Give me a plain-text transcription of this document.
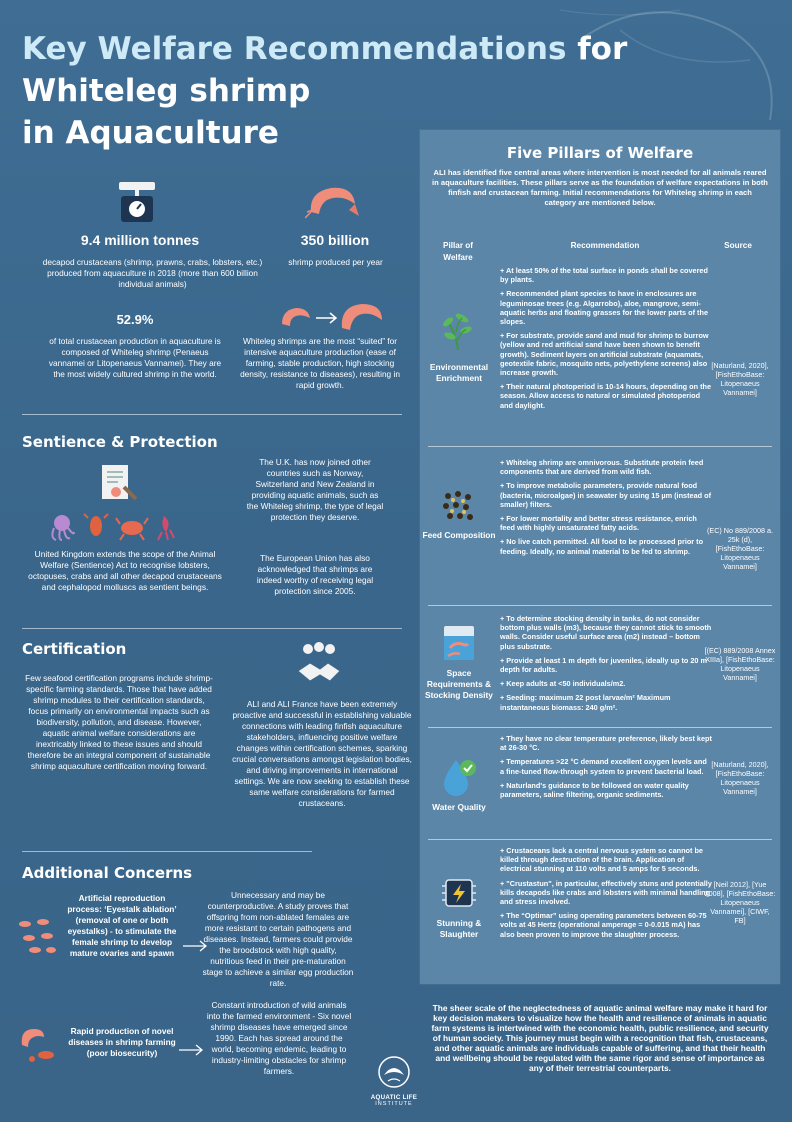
Key Welfare Recommendations for
Whiteleg shrimp
in Aquaculture
9.4 million tonnes
decapod crustaceans (shrimp, prawns, crabs, lobsters, etc.) produced from aquaculture in 2018 (more than 600 billion individual animals)
350 billion
shrimp produced per year
52.9%
of total crustacean production in aquaculture is composed of Whiteleg shrimp (Penaeus vannamei or Litopenaeus Vannamei). They are the most widely cultured shrimp in the world.
Whiteleg shrimps are the most “suited” for intensive aquaculture production (ease of farming, stable production, high stocking density, resistance to diseases), resulting in rapid growth.
Sentience & Protection
United Kingdom extends the scope of the Animal Welfare (Sentience) Act to recognise lobsters, octopuses, crabs and all other decapod crustaceans and cephalopod molluscs as sentient beings.
The U.K. has now joined other countries such as Norway, Switzerland and New Zealand in providing aquatic animals, such as the Whiteleg shrimp, the type of legal protection they deserve.
The European Union has also acknowledged that shrimps are indeed worthy of receiving legal protection since 2005.
Certification
Few seafood certification programs include shrimp-specific farming standards. Those that have added shrimp modules to their certification standards, focus primarily on environmental impacts such as biodiversity, pollution, and disease. However, aquatic animal welfare considerations are inextricably linked to these issues and should therefore be an integral component of sustainable shrimp aquaculture certification moving forward.
ALI and ALI France have been extremely proactive and successful in establishing valuable connections with leading finfish aquaculture stakeholders, influencing positive welfare changes within certification schemes, sparking crucial conversations amongst legislation bodies, and driving improvements in international settings. We are now seeking to establish these same welfare considerations for farmed crustaceans.
Additional Concerns
Artificial reproduction process: ‘Eyestalk ablation’ (removal of one or both eyestalks) - to stimulate the female shrimp to develop mature ovaries and spawn
Unnecessary and may be counterproductive. A study proves that offspring from non-ablated females are more resistant to certain pathogens and diseases. Instead, farmers could provide the broodstock with high quality, nutritious feed in their pre-maturation stage to achieve a similar egg production rate.
Rapid production of novel diseases in shrimp farming (poor biosecurity)
Constant introduction of wild animals into the farmed environment - Six novel shrimp diseases have emerged since 1990. Each has spread around the world, becoming endemic, leading to industry-limiting obstacles for shrimp farmers.
Five Pillars of Welfare
ALI has identified five central areas where intervention is most needed for all animals reared in aquaculture facilities. These pillars serve as the foundation of welfare expectations in both finfish and crustacean farming. Initial recommendations for Whiteleg shrimp in each category are mentioned below.
Pillar of Welfare
Recommendation	Source
Environmental Enrichment

+ At least 50% of the total surface in ponds shall be covered by plants.

+ Recommended plant species to have in enclosures are leguminosae trees (e.g. Algarrobo), aloe, mangrove, semi-aquatic herbs and floating grasses for the lower parts of the slopes.

+ For substrate, provide sand and mud for shrimp to burrow (yellow and red artificial sand have been shown to benefit growth). Sediment layers on artificial substrate (aquamats, geotextile fabric, mosquito nets, polyethylene screens) also increase growth.

+ Their natural photoperiod is 10-14 hours, depending on the season. Allow access to natural or simulated photoperiod and daylight.

[Naturland, 2020], [FishEthoBase: Litopenaeus Vannamei]
Feed Composition

+ Whiteleg shrimp are omnivorous. Substitute protein feed components that are derived from wild fish.

+ To improve metabolic parameters, provide natural food (bacteria, microalgae) in seawater by using 15 µm (instead of smaller) filters.

+ For lower mortality and better stress resistance, enrich feed with highly unsaturated fatty acids.

+ No live catch permitted. All food to be processed prior to feeding. Ideally, no animal material to be fed to shrimp.

(EC) No 889/2008 a. 25k (d), [FishEthoBase: Litopenaeus Vannamei]
Space Requirements & Stocking Density

+ To determine stocking density in tanks, do not consider bottom plus walls (m3), because they cannot stick to smooth walls. Consider useful surface area (m2) instead – bottom plus substrate.

+ Provide at least 1 m depth for juveniles, ideally up to 20 m depth for adults.

+ Keep adults at <50 individuals/m2.

+ Seeding: maximum 22 post larvae/m² Maximum instantaneous biomass: 240 g/m².

[(EC) 889/2008 Annex XIIIa], [FishEthoBase: Litopenaeus Vannamei]
Water Quality

+ They have no clear temperature preference, likely best kept at 26-30 °C.

+ Temperatures >22 °C demand excellent oxygen levels and a fine-tuned flow-through system to prevent bacterial load.

+ Naturland's guidance to be followed on water quality parameters, saline filtering, organic sediments.

[Naturland, 2020], [FishEthoBase: Litopenaeus Vannamei]
Stunning & Slaughter

+ Crustaceans lack a central nervous system so cannot be killed through destruction of the brain. Application of electrical stunning at 110 volts and 5 amps for 5 seconds.

+ "Crustastun", in particular, effectively stuns and potentially kills decapods like crabs and lobsters with minimal handling and stress involved.

+ The “Optimar” using operating parameters between 60-75 volts at 45 Hertz (operational amperage = 0-0.015 mA) has also been proven to improve the slaughter process.

[Neil 2012], [Yue 2008], [FishEthoBase: Litopenaeus Vannamei], [CIWF, FB]
The sheer scale of the neglectedness of aquatic animal welfare may make it hard for key decision makers to visualize how the health and resilience of animals in aquatic farm systems is intertwined with the economic health, public resilience, and security of human society. This journey must begin with a recognition that fish, crustaceans, and other aquatic animals are individuals capable of suffering, and that their health and wellbeing should be regulated with the same rigor and sense of importance as any of their terrestrial counterparts.
AQUATIC LIFE
INSTITUTE
